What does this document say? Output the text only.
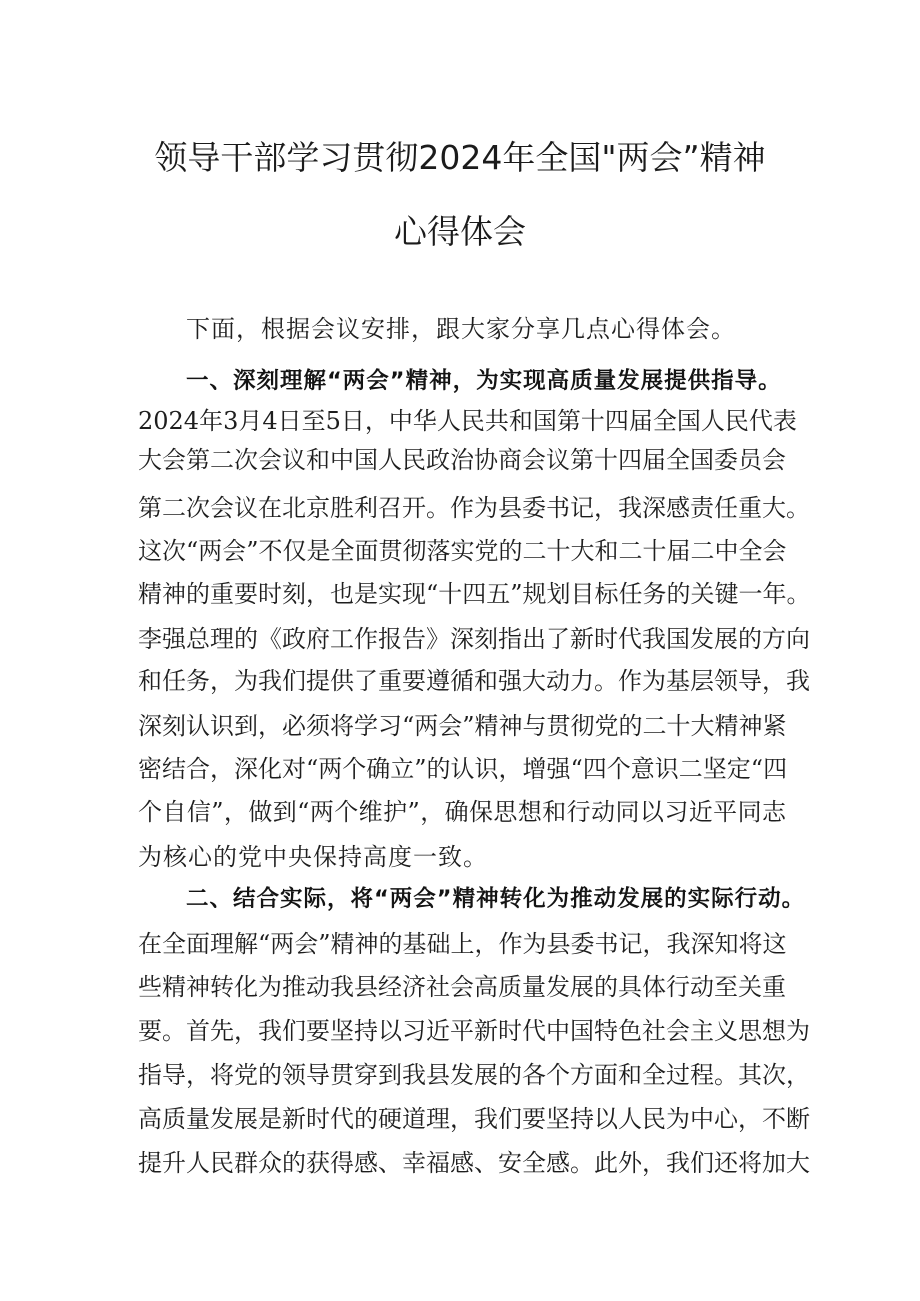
领导干部学习贯彻2024年全国"两会”精神
心得体会
下面，根据会议安排，跟大家分享几点心得体会。
一、深刻理解“两会”精神，为实现高质量发展提供指导。
2024年3月4日至5日，中华人民共和国第十四届全国人民代表
大会第二次会议和中国人民政治协商会议第十四届全国委员会
第二次会议在北京胜利召开。作为县委书记，我深感责任重大。
这次“两会”不仅是全面贯彻落实党的二十大和二十届二中全会
精神的重要时刻，也是实现“十四五”规划目标任务的关键一年。
李强总理的《政府工作报告》深刻指出了新时代我国发展的方向
和任务，为我们提供了重要遵循和强大动力。作为基层领导，我
深刻认识到，必须将学习“两会”精神与贯彻党的二十大精神紧
密结合，深化对“两个确立”的认识，增强“四个意识二坚定“四
个自信”，做到“两个维护”，确保思想和行动同以习近平同志
为核心的党中央保持高度一致。
二、结合实际，将“两会”精神转化为推动发展的实际行动。
在全面理解“两会”精神的基础上，作为县委书记，我深知将这
些精神转化为推动我县经济社会高质量发展的具体行动至关重
要。首先，我们要坚持以习近平新时代中国特色社会主义思想为
指导，将党的领导贯穿到我县发展的各个方面和全过程。其次，
高质量发展是新时代的硬道理，我们要坚持以人民为中心，不断
提升人民群众的获得感、幸福感、安全感。此外，我们还将加大
